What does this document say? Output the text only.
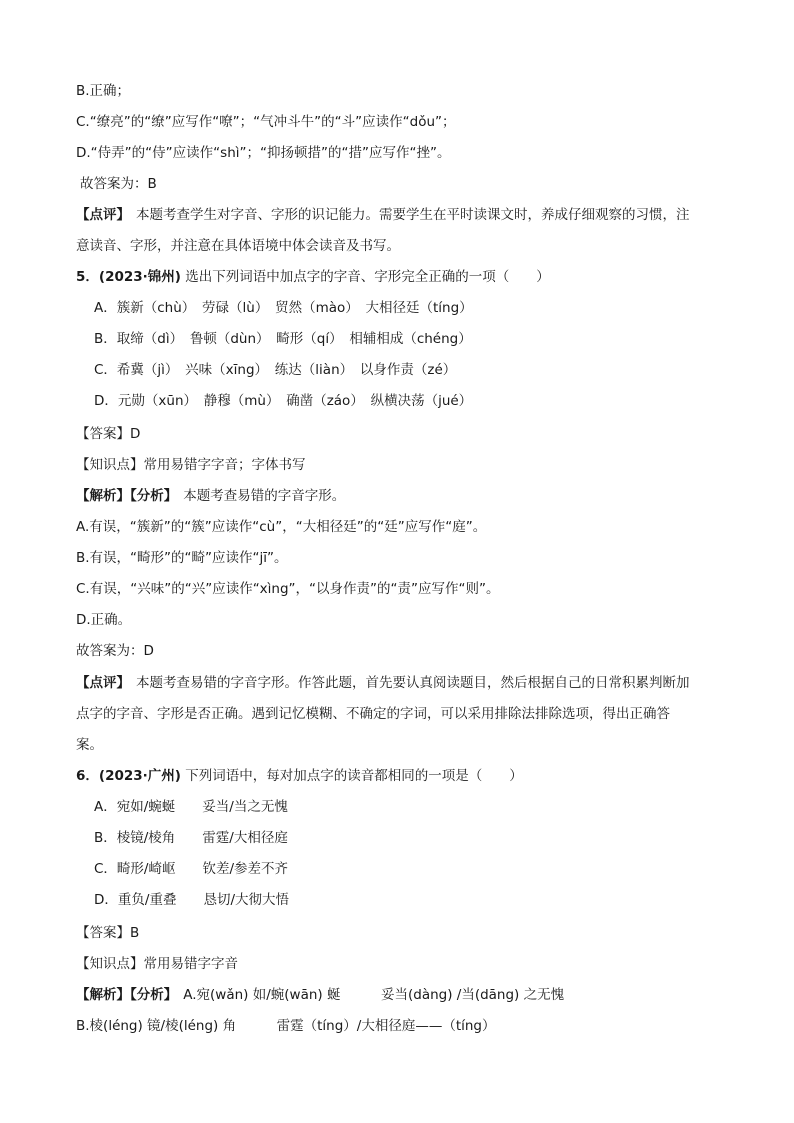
B.正确；
C.“缭亮”的“缭”应写作“嘹”；“气冲斗牛”的“斗”应读作“dǒu”；
D.“侍弄”的“侍”应读作“shì”；“抑扬顿措”的“措”应写作“挫”。
故答案为：B
【点评】 本题考查学生对字音、字形的识记能力。需要学生在平时读课文时，养成仔细观察的习惯，注
意读音、字形，并注意在具体语境中体会读音及书写。
5．(2023·锦州) 选出下列词语中加点字的字音、字形完全正确的一项（　　）
A．簇新（chù）　劳碌（lù）　贸然（mào）　大相径廷（tíng）
B．取缔（dì）　鲁顿（dùn）　畸形（qí）　相辅相成（chéng）
C．希冀（jì）　兴味（xīng）　练达（liàn）　以身作责（zé）
D．元勋（xūn）　静穆（mù）　确凿（záo）　纵横决荡（jué）
【答案】D
【知识点】常用易错字字音；字体书写
【解析】【分析】 本题考查易错的字音字形。
A.有误，“簇新”的“簇”应读作“cù”，“大相径廷”的“廷”应写作“庭”。
B.有误，“畸形”的“畸”应读作“jī”。
C.有误，“兴味”的“兴”应读作“xìng”，“以身作责”的“责”应写作“则”。
D.正确。
故答案为：D
【点评】 本题考查易错的字音字形。作答此题，首先要认真阅读题目，然后根据自己的日常积累判断加
点字的字音、字形是否正确。遇到记忆模糊、不确定的字词，可以采用排除法排除选项，得出正确答
案。
6．(2023·广州) 下列词语中，每对加点字的读音都相同的一项是（　　）
A．宛如/蜿蜒　　妥当/当之无愧
B．棱镜/棱角　　雷霆/大相径庭
C．畸形/崎岖　　钦差/参差不齐
D．重负/重叠　　恳切/大彻大悟
【答案】B
【知识点】常用易错字字音
【解析】【分析】 A.宛(wǎn) 如/蜿(wān) 蜒　　　妥当(dàng) /当(dāng) 之无愧
B.棱(léng) 镜/棱(léng) 角　　　雷霆（tíng）/大相径庭——（tíng）
